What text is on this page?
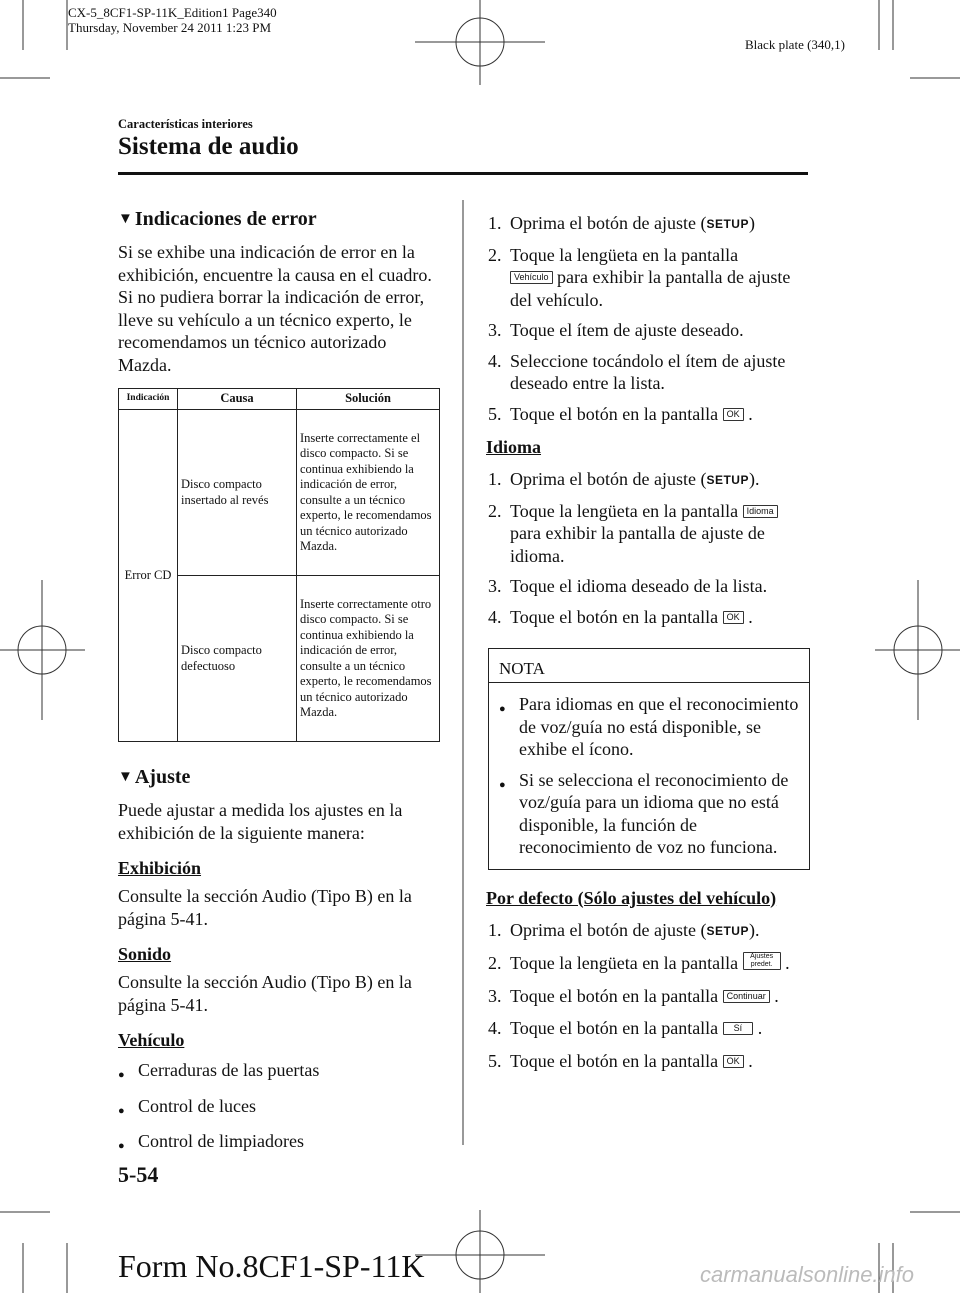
CX-5_8CF1-SP-11K_Edition1 Page340
Thursday, November 24 2011 1:23 PM
Black plate (340,1)
Características interiores
Sistema de audio
▼ Indicaciones de error

Si se exhibe una indicación de error en la exhibición, encuentre la causa en el cuadro. Si no pudiera borrar la indicación de error, lleve su vehículo a un técnico experto, le recomendamos un técnico autorizado Mazda.

Indicación	Causa	Solución
Error CD	Disco compacto insertado al revés	Inserte correctamente el disco compacto. Si se continua exhibiendo la indicación de error, consulte a un técnico experto, le recomendamos un técnico autorizado Mazda.
	Disco compacto defectuoso	Inserte correctamente otro disco compacto. Si se continua exhibiendo la indicación de error, consulte a un técnico experto, le recomendamos un técnico autorizado Mazda.
▼ Ajuste

Puede ajustar a medida los ajustes en la exhibición de la siguiente manera:

Exhibición

Consulte la sección Audio (Tipo B) en la página 5-41.

Sonido

Consulte la sección Audio (Tipo B) en la página 5-41.

Vehículo
● Cerraduras de las puertas
● Control de luces
● Control de limpiadores
1. Oprima el botón de ajuste (SETUP)
2. Toque la lengüeta en la pantalla
Vehículo para exhibir la pantalla de ajuste del vehículo.
3. Toque el ítem de ajuste deseado.
4. Seleccione tocándolo el ítem de ajuste deseado entre la lista.
5. Toque el botón en la pantalla OK .
Idioma
1. Oprima el botón de ajuste (SETUP).
2. Toque la lengüeta en la pantalla Idioma para exhibir la pantalla de ajuste de idioma.
3. Toque el idioma deseado de la lista.
4. Toque el botón en la pantalla OK .
NOTA
● Para idiomas en que el reconocimiento de voz/guía no está disponible, se exhibe el ícono.
● Si se selecciona el reconocimiento de voz/guía para un idioma que no está disponible, la función de reconocimiento de voz no funciona.
Por defecto (Sólo ajustes del vehículo)
1. Oprima el botón de ajuste (SETUP).
2. Toque la lengüeta en la pantalla Ajustes predet. .
3. Toque el botón en la pantalla Continuar .
4. Toque el botón en la pantalla Sí .
5. Toque el botón en la pantalla OK .
5-54
Form No.8CF1-SP-11K	carmanualsonline.info
